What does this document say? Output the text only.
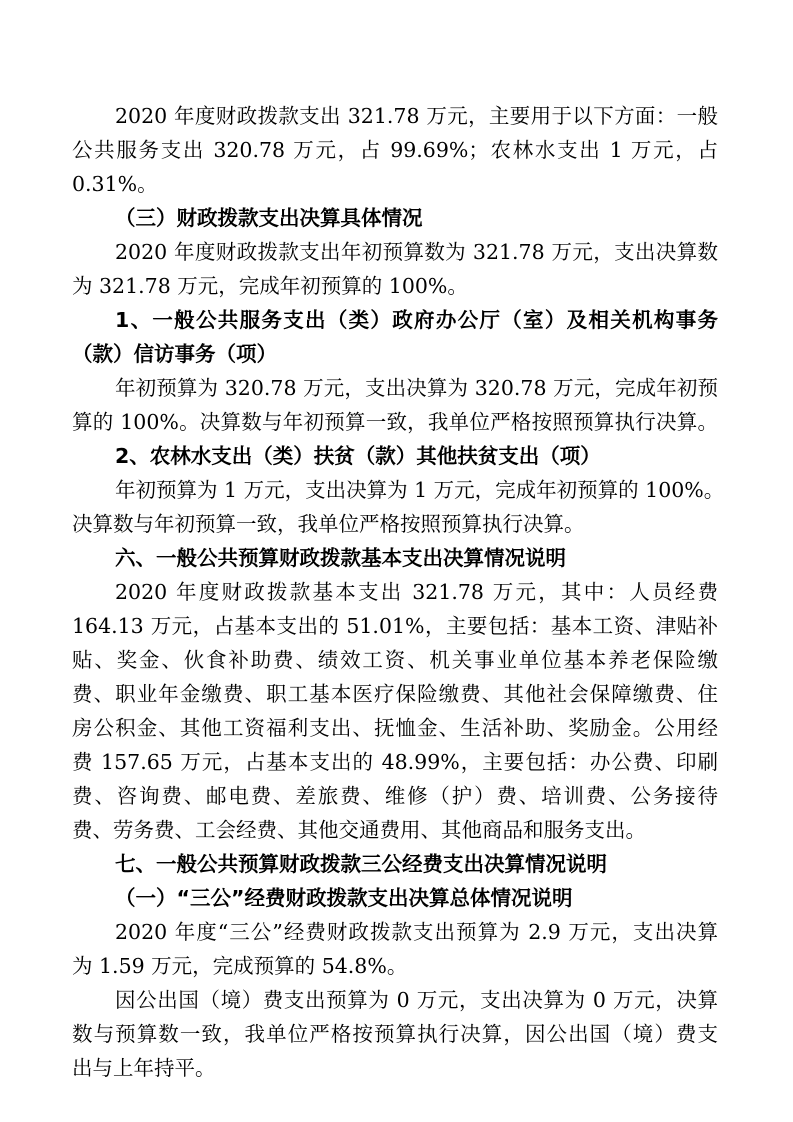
2020 年度财政拨款支出 321.78 万元，主要用于以下方面：一般

公共服务支出 320.78 万元，占 99.69%；农林水支出 1 万元，占

0.31%。

（三）财政拨款支出决算具体情况

2020 年度财政拨款支出年初预算数为 321.78 万元，支出决算数

为 321.78 万元，完成年初预算的 100%。

1、一般公共服务支出（类）政府办公厅（室）及相关机构事务

（款）信访事务（项）

年初预算为 320.78 万元，支出决算为 320.78 万元，完成年初预

算的 100%。决算数与年初预算一致，我单位严格按照预算执行决算。

2、农林水支出（类）扶贫（款）其他扶贫支出（项）

年初预算为 1 万元，支出决算为 1 万元，完成年初预算的 100%。

决算数与年初预算一致，我单位严格按照预算执行决算。

六、一般公共预算财政拨款基本支出决算情况说明

2020 年度财政拨款基本支出 321.78 万元，其中：人员经费

164.13 万元，占基本支出的 51.01%，主要包括：基本工资、津贴补

贴、奖金、伙食补助费、绩效工资、机关事业单位基本养老保险缴

费、职业年金缴费、职工基本医疗保险缴费、其他社会保障缴费、住

房公积金、其他工资福利支出、抚恤金、生活补助、奖励金。公用经

费 157.65 万元，占基本支出的 48.99%，主要包括：办公费、印刷

费、咨询费、邮电费、差旅费、维修（护）费、培训费、公务接待

费、劳务费、工会经费、其他交通费用、其他商品和服务支出。

七、一般公共预算财政拨款三公经费支出决算情况说明

（一）“三公”经费财政拨款支出决算总体情况说明

2020 年度“三公”经费财政拨款支出预算为 2.9 万元，支出决算

为 1.59 万元，完成预算的 54.8%。

因公出国（境）费支出预算为 0 万元，支出决算为 0 万元，决算

数与预算数一致，我单位严格按预算执行决算，因公出国（境）费支

出与上年持平。
